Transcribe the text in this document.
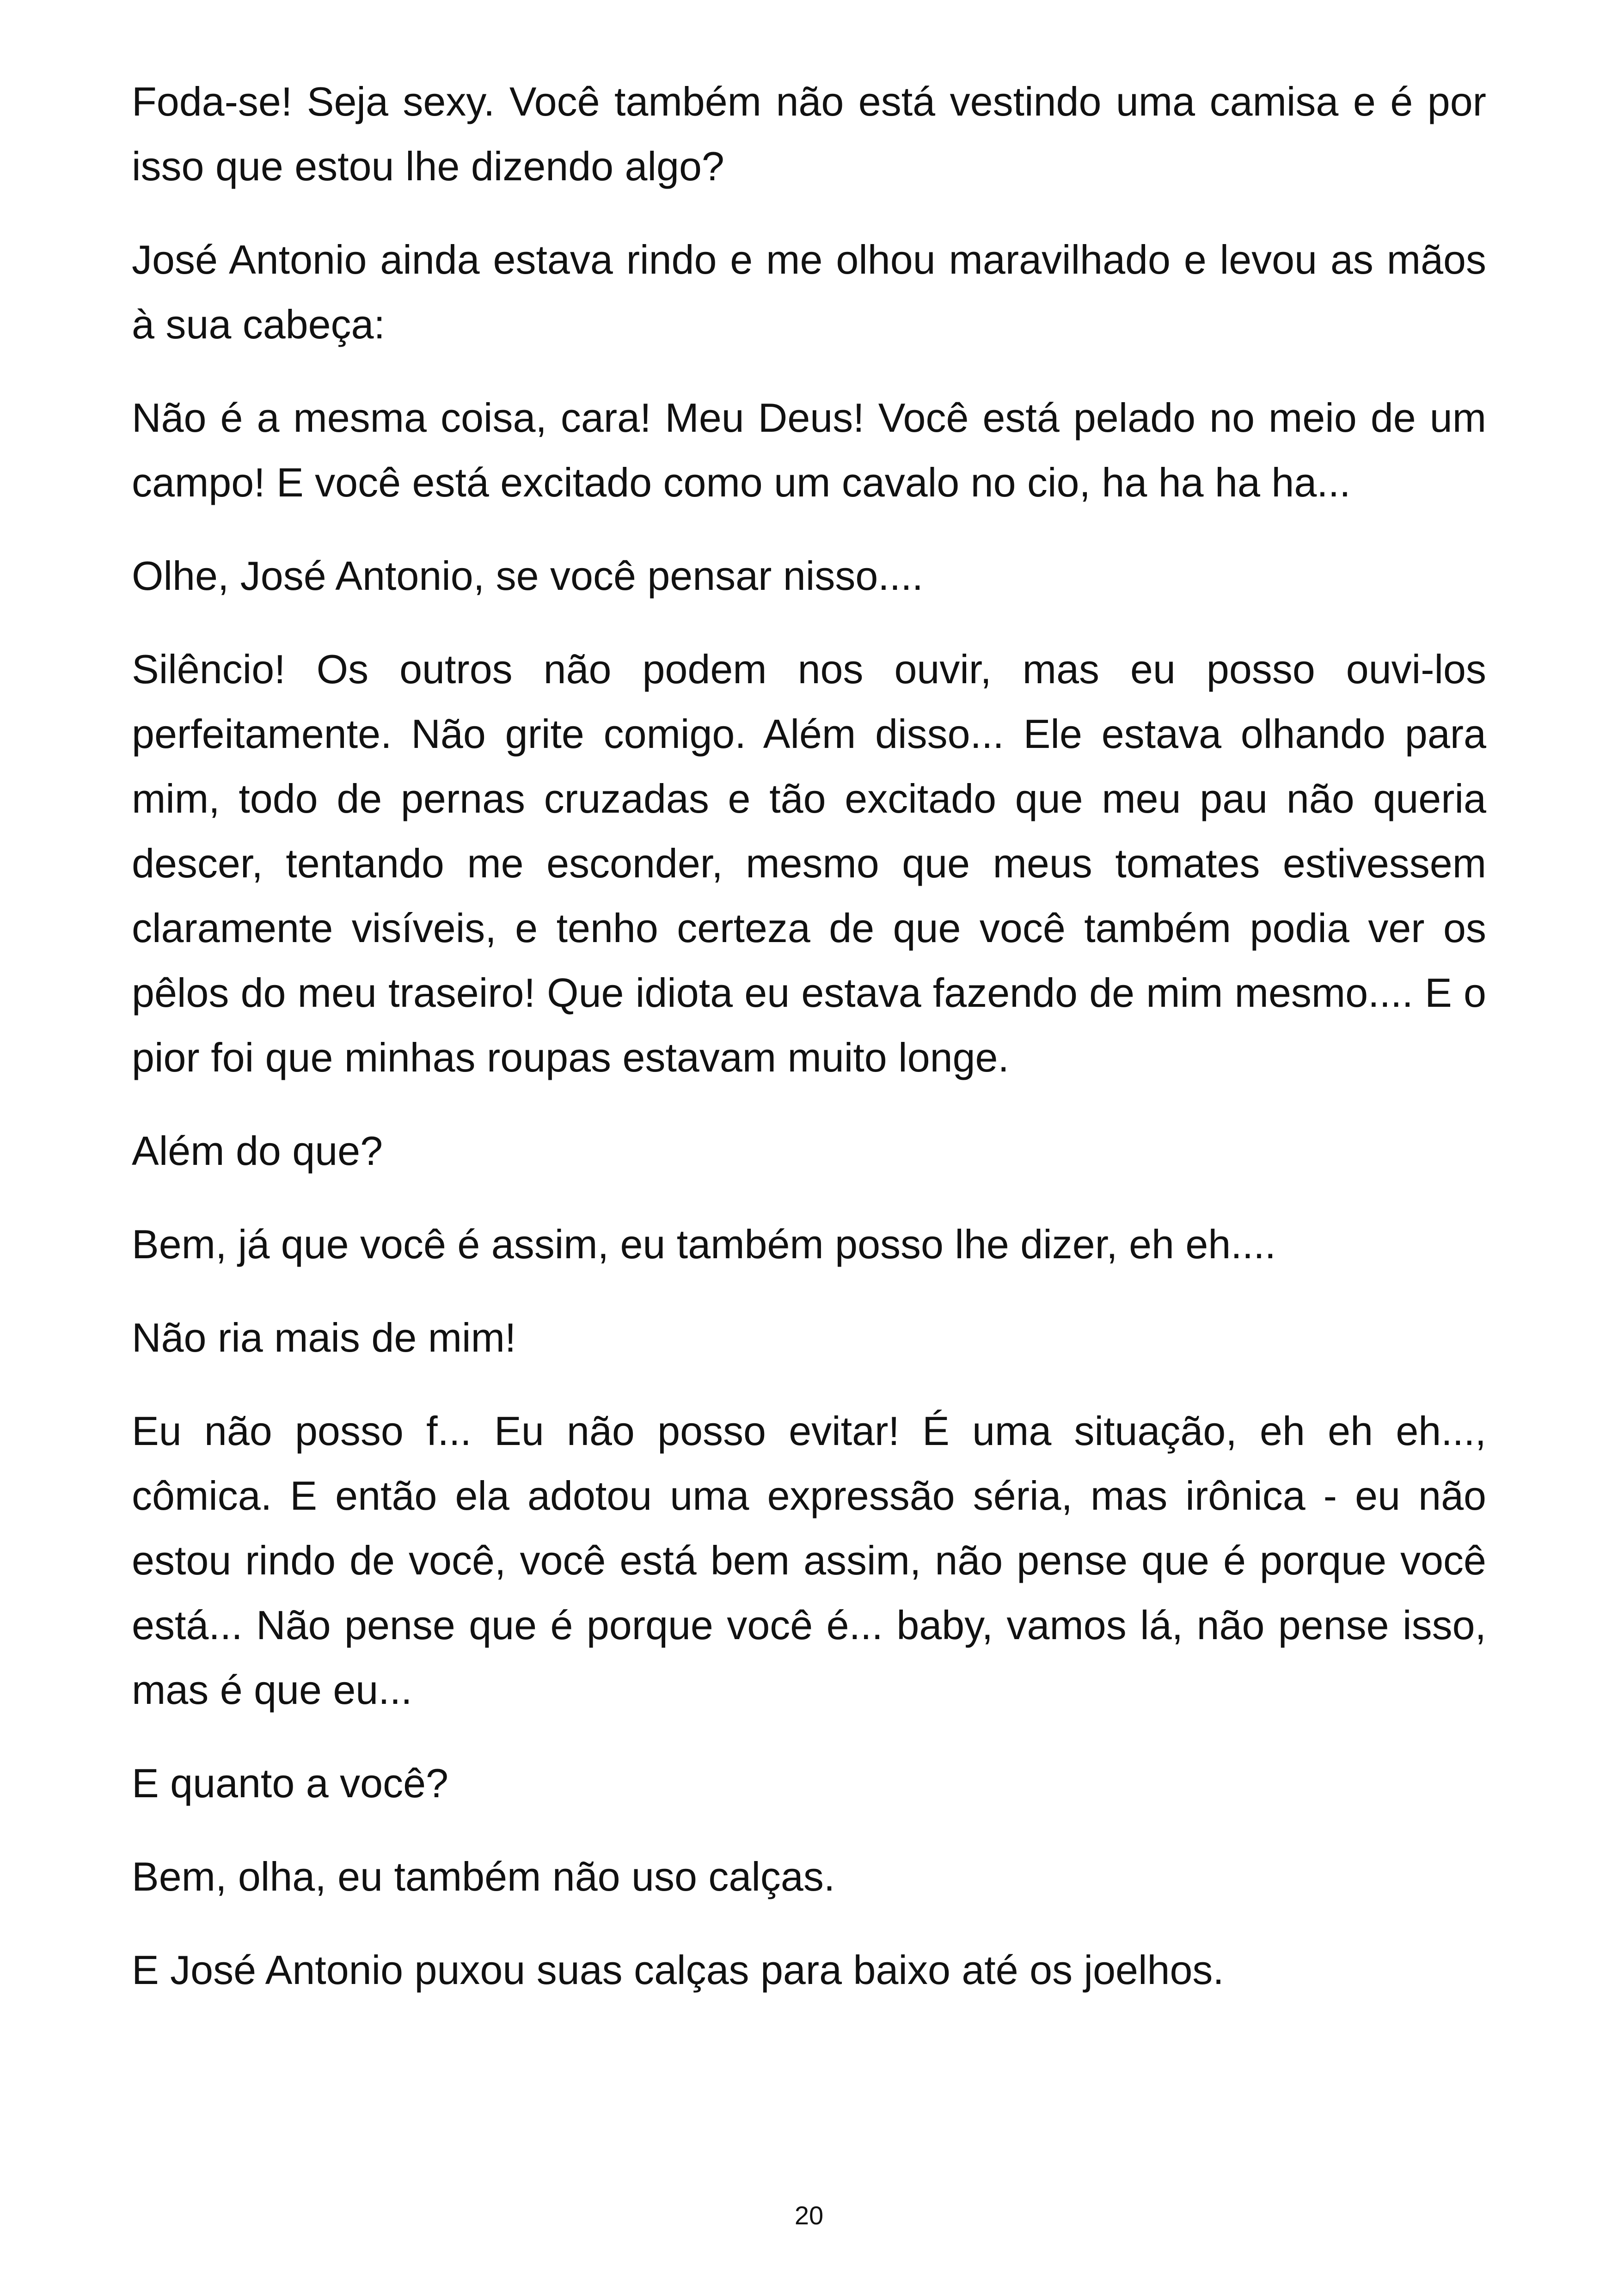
Foda-se! Seja sexy. Você também não está vestindo uma camisa e é por isso que estou lhe dizendo algo?

José Antonio ainda estava rindo e me olhou maravilhado e levou as mãos à sua cabeça:

Não é a mesma coisa, cara! Meu Deus! Você está pelado no meio de um campo! E você está excitado como um cavalo no cio, ha ha ha ha...

Olhe, José Antonio, se você pensar nisso....

Silêncio! Os outros não podem nos ouvir, mas eu posso ouvi-los perfeitamente. Não grite comigo. Além disso... Ele estava olhando para mim, todo de pernas cruzadas e tão excitado que meu pau não queria descer, tentando me esconder, mesmo que meus tomates estivessem claramente visíveis, e tenho certeza de que você também podia ver os pêlos do meu traseiro! Que idiota eu estava fazendo de mim mesmo.... E o pior foi que minhas roupas estavam muito longe.

Além do que?

Bem, já que você é assim, eu também posso lhe dizer, eh eh....

Não ria mais de mim!

Eu não posso f... Eu não posso evitar! É uma situação, eh eh eh..., cômica. E então ela adotou uma expressão séria, mas irônica - eu não estou rindo de você, você está bem assim, não pense que é porque você está... Não pense que é porque você é... baby, vamos lá, não pense isso, mas é que eu...

E quanto a você?

Bem, olha, eu também não uso calças.

E José Antonio puxou suas calças para baixo até os joelhos.

20
